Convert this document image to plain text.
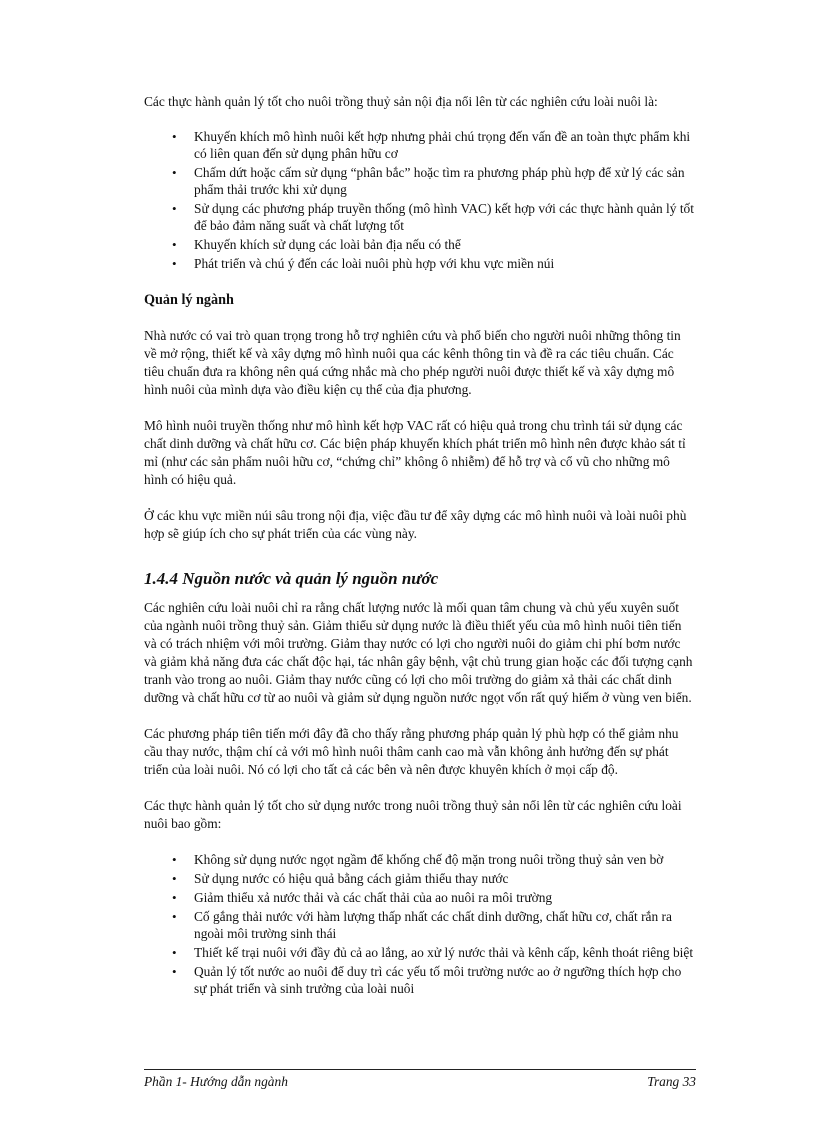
Các thực hành quản lý tốt cho nuôi trồng thuỷ sản nội địa nổi lên từ các nghiên cứu loài nuôi là:

• Khuyến khích mô hình nuôi kết hợp nhưng phải chú trọng đến vấn đề an toàn thực phẩm khi có liên quan đến sử dụng phân hữu cơ
• Chấm dứt hoặc cấm sử dụng “phân bắc” hoặc tìm ra phương pháp phù hợp để xử lý các sản phẩm thải trước khi xử dụng
• Sử dụng các phương pháp truyền thống (mô hình VAC) kết hợp với các thực hành quản lý tốt để bảo đảm năng suất và chất lượng tốt
• Khuyến khích sử dụng các loài bản địa nếu có thể
• Phát triển và chú ý đến các loài nuôi phù hợp với khu vực miền núi
Quản lý ngành

Nhà nước có vai trò quan trọng trong hỗ trợ nghiên cứu và phổ biến cho người nuôi những thông tin về mở rộng, thiết kế và xây dựng mô hình nuôi qua các kênh thông tin và đề ra các tiêu chuẩn. Các tiêu chuẩn đưa ra không nên quá cứng nhắc mà cho phép người nuôi được thiết kế và xây dựng mô hình nuôi của mình dựa vào điều kiện cụ thể của địa phương.

Mô hình nuôi truyền thống như mô hình kết hợp VAC rất có hiệu quả trong chu trình tái sử dụng các chất dinh dưỡng và chất hữu cơ. Các biện pháp khuyến khích phát triển mô hình nên được khảo sát tỉ mỉ (như các sản phẩm nuôi hữu cơ, “chứng chỉ” không ô nhiễm) để hỗ trợ và cổ vũ cho những mô hình có hiệu quả.

Ở các khu vực miền núi sâu trong nội địa, việc đầu tư để xây dựng các mô hình nuôi và loài nuôi phù hợp sẽ giúp ích cho sự phát triển của các vùng này.

1.4.4 Nguồn nước và quản lý nguồn nước

Các nghiên cứu loài nuôi chỉ ra rằng chất lượng nước là mối quan tâm chung và chủ yếu xuyên suốt của ngành nuôi trồng thuỷ sản. Giảm thiểu sử dụng nước là điều thiết yếu của mô hình nuôi tiên tiến và có trách nhiệm với môi trường. Giảm thay nước có lợi cho người nuôi do giảm chi phí bơm nước và giảm khả năng đưa các chất độc hại, tác nhân gây bệnh, vật chủ trung gian hoặc các đối tượng cạnh tranh vào trong ao nuôi. Giảm thay nước cũng có lợi cho môi trường do giảm xả thải các chất dinh dưỡng và chất hữu cơ từ ao nuôi và giảm sử dụng nguồn nước ngọt vốn rất quý hiếm ở vùng ven biển.

Các phương pháp tiên tiến mới đây đã cho thấy rằng phương pháp quản lý phù hợp có thể giảm nhu cầu thay nước, thậm chí cả với mô hình nuôi thâm canh cao mà vẫn không ảnh hưởng đến sự phát triển của loài nuôi. Nó có lợi cho tất cả các bên và nên được khuyên khích ở mọi cấp độ.

Các thực hành quản lý tốt cho sử dụng nước trong nuôi trồng thuỷ sản nổi lên từ các nghiên cứu loài nuôi bao gồm:

• Không sử dụng nước ngọt ngầm để khống chế độ mặn trong nuôi trồng thuỷ sản ven bờ
• Sử dụng nước có hiệu quả bằng cách giảm thiểu thay nước
• Giảm thiểu xả nước thải và các chất thải của ao nuôi ra môi trường
• Cố gắng thải nước với hàm lượng thấp nhất các chất dinh dưỡng, chất hữu cơ, chất rắn ra ngoài môi trường sinh thái
• Thiết kế trại nuôi với đầy đủ cả ao lắng, ao xử lý nước thải và kênh cấp, kênh thoát riêng biệt
• Quản lý tốt nước ao nuôi để duy trì các yếu tố môi trường nước ao ở ngưỡng thích hợp cho sự phát triển và sinh trưởng của loài nuôi
Phần 1- Hướng dẫn ngành	Trang 33
